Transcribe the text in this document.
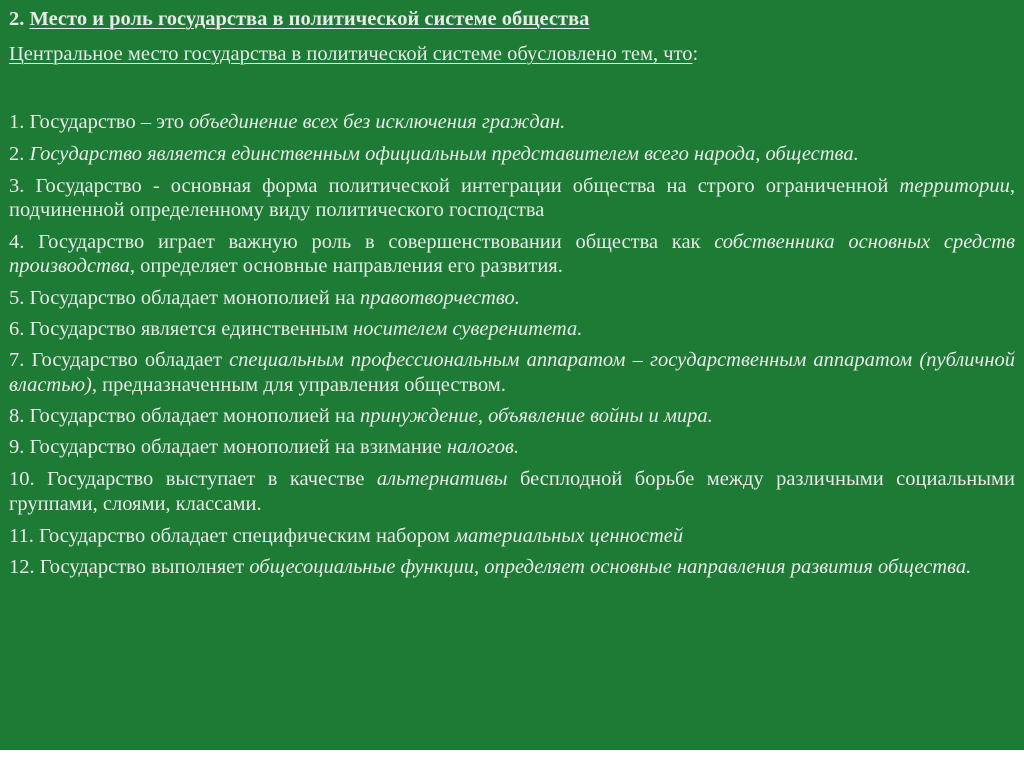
2. Место и роль государства в политической системе общества
Центральное место государства в политической системе обусловлено тем, что:
1. Государство – это объединение всех без исключения граждан.
2. Государство является единственным официальным представителем всего народа, общества.
3. Государство - основная форма политической интеграции общества на строго ограниченной территории, подчиненной определенному виду политического господства
4. Государство играет важную роль в совершенствовании общества как собственника основных средств производства, определяет основные направления его развития.
5. Государство обладает монополией на правотворчество.
6. Государство является единственным носителем суверенитета.
7. Государство обладает специальным профессиональным аппаратом – государственным аппаратом (публичной властью), предназначенным для управления обществом.
8. Государство обладает монополией на принуждение, объявление войны и мира.
9. Государство обладает монополией на взимание налогов.
10. Государство выступает в качестве альтернативы бесплодной борьбе между различными социальными группами, слоями, классами.
11. Государство обладает специфическим набором материальных ценностей
12. Государство выполняет общесоциальные функции, определяет основные направления развития общества.
